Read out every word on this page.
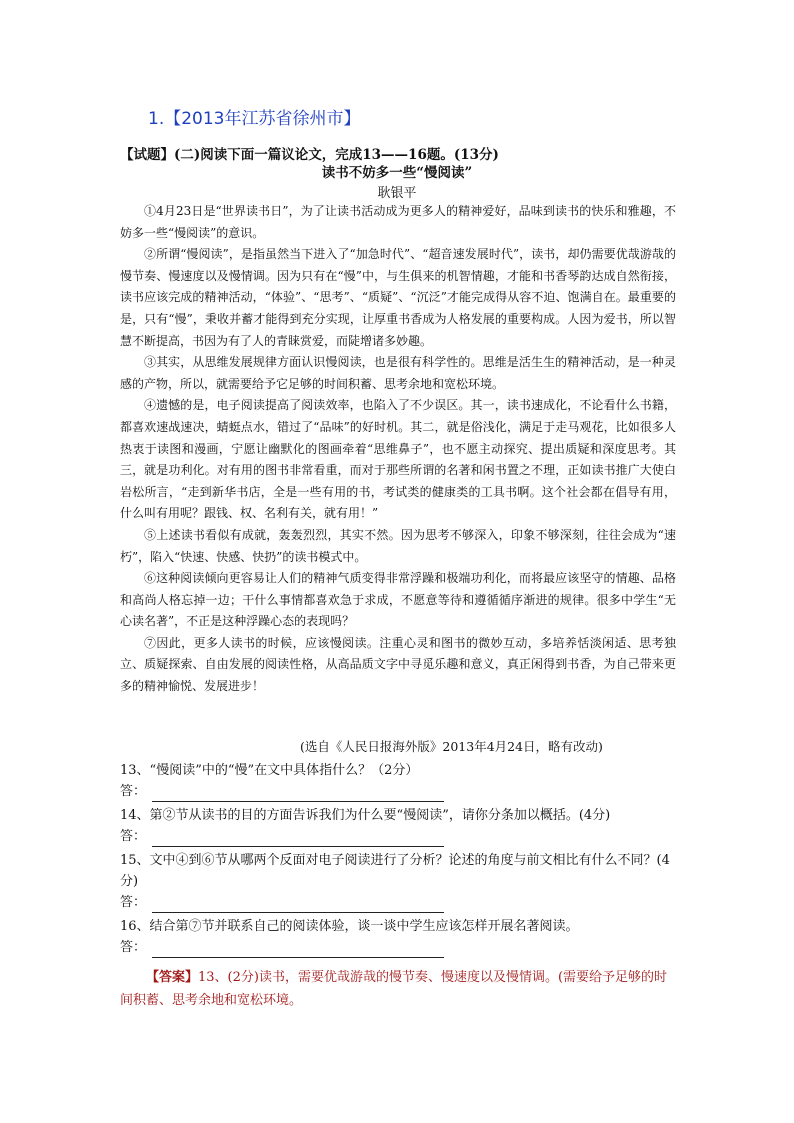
1.【2013年江苏省徐州市】
【试题】(二)阅读下面一篇议论文，完成13——16题。(13分)
读书不妨多一些“慢阅读”
耿银平

①4月23日是“世界读书日”，为了让读书活动成为更多人的精神爱好，品味到读书的快乐和雅趣，不妨多一些“慢阅读”的意识。

②所谓“慢阅读”，是指虽然当下进入了“加急时代”、“超音速发展时代”，读书，却仍需要优哉游哉的慢节奏、慢速度以及慢情调。因为只有在“慢”中，与生俱来的机智情趣，才能和书香琴韵达成自然衔接，读书应该完成的精神活动，“体验”、“思考”、“质疑”、“沉泛”才能完成得从容不迫、饱满自在。最重要的是，只有“慢”，秉收并蓄才能得到充分实现，让厚重书香成为人格发展的重要构成。人因为爱书，所以智慧不断提高，书因为有了人的青睐赏爱，而陡增诸多妙趣。

③其实，从思维发展规律方面认识慢阅读，也是很有科学性的。思维是活生生的精神活动，是一种灵感的产物，所以，就需要给予它足够的时间积蓄、思考余地和宽松环境。

④遗憾的是，电子阅读提高了阅读效率，也陷入了不少误区。其一，读书速成化，不论看什么书籍，都喜欢速战速决，蜻蜓点水，错过了“品味”的好时机。其二，就是俗浅化，满足于走马观花，比如很多人热衷于读图和漫画，宁愿让幽默化的图画牵着“思维鼻子”，也不愿主动探究、提出质疑和深度思考。其三，就是功利化。对有用的图书非常看重，而对于那些所谓的名著和闲书置之不理，正如读书推广大使白岩松所言，“走到新华书店，全是一些有用的书，考试类的健康类的工具书啊。这个社会都在倡导有用，什么叫有用呢？跟钱、权、名利有关，就有用！”

⑤上述读书看似有成就，轰轰烈烈，其实不然。因为思考不够深入，印象不够深刻，往往会成为“速朽”，陷入“快速、快感、快扔”的读书模式中。

⑥这种阅读倾向更容易让人们的精神气质变得非常浮躁和极端功利化，而将最应该坚守的情趣、品格和高尚人格忘掉一边；干什么事情都喜欢急于求成，不愿意等待和遵循循序渐进的规律。很多中学生“无心读名著”，不正是这种浮躁心态的表现吗？

⑦因此，更多人读书的时候，应该慢阅读。注重心灵和图书的微妙互动，多培养恬淡闲适、思考独立、质疑探索、自由发展的阅读性格，从高品质文字中寻觅乐趣和意义，真正闲得到书香，为自己带来更多的精神愉悦、发展进步！

(选自《人民日报海外版》2013年4月24日，略有改动)

13、“慢阅读”中的“慢”在文中具体指什么？（2分）

答：

14、第②节从读书的目的方面告诉我们为什么要“慢阅读”，请你分条加以概括。(4分)

答：

15、文中④到⑥节从哪两个反面对电子阅读进行了分析？论述的角度与前文相比有什么不同？(4分)

答：

16、结合第⑦节并联系自己的阅读体验，谈一谈中学生应该怎样开展名著阅读。

答：

【答案】13、(2分)读书，需要优哉游哉的慢节奏、慢速度以及慢情调。(需要给予足够的时间积蓄、思考余地和宽松环境。
